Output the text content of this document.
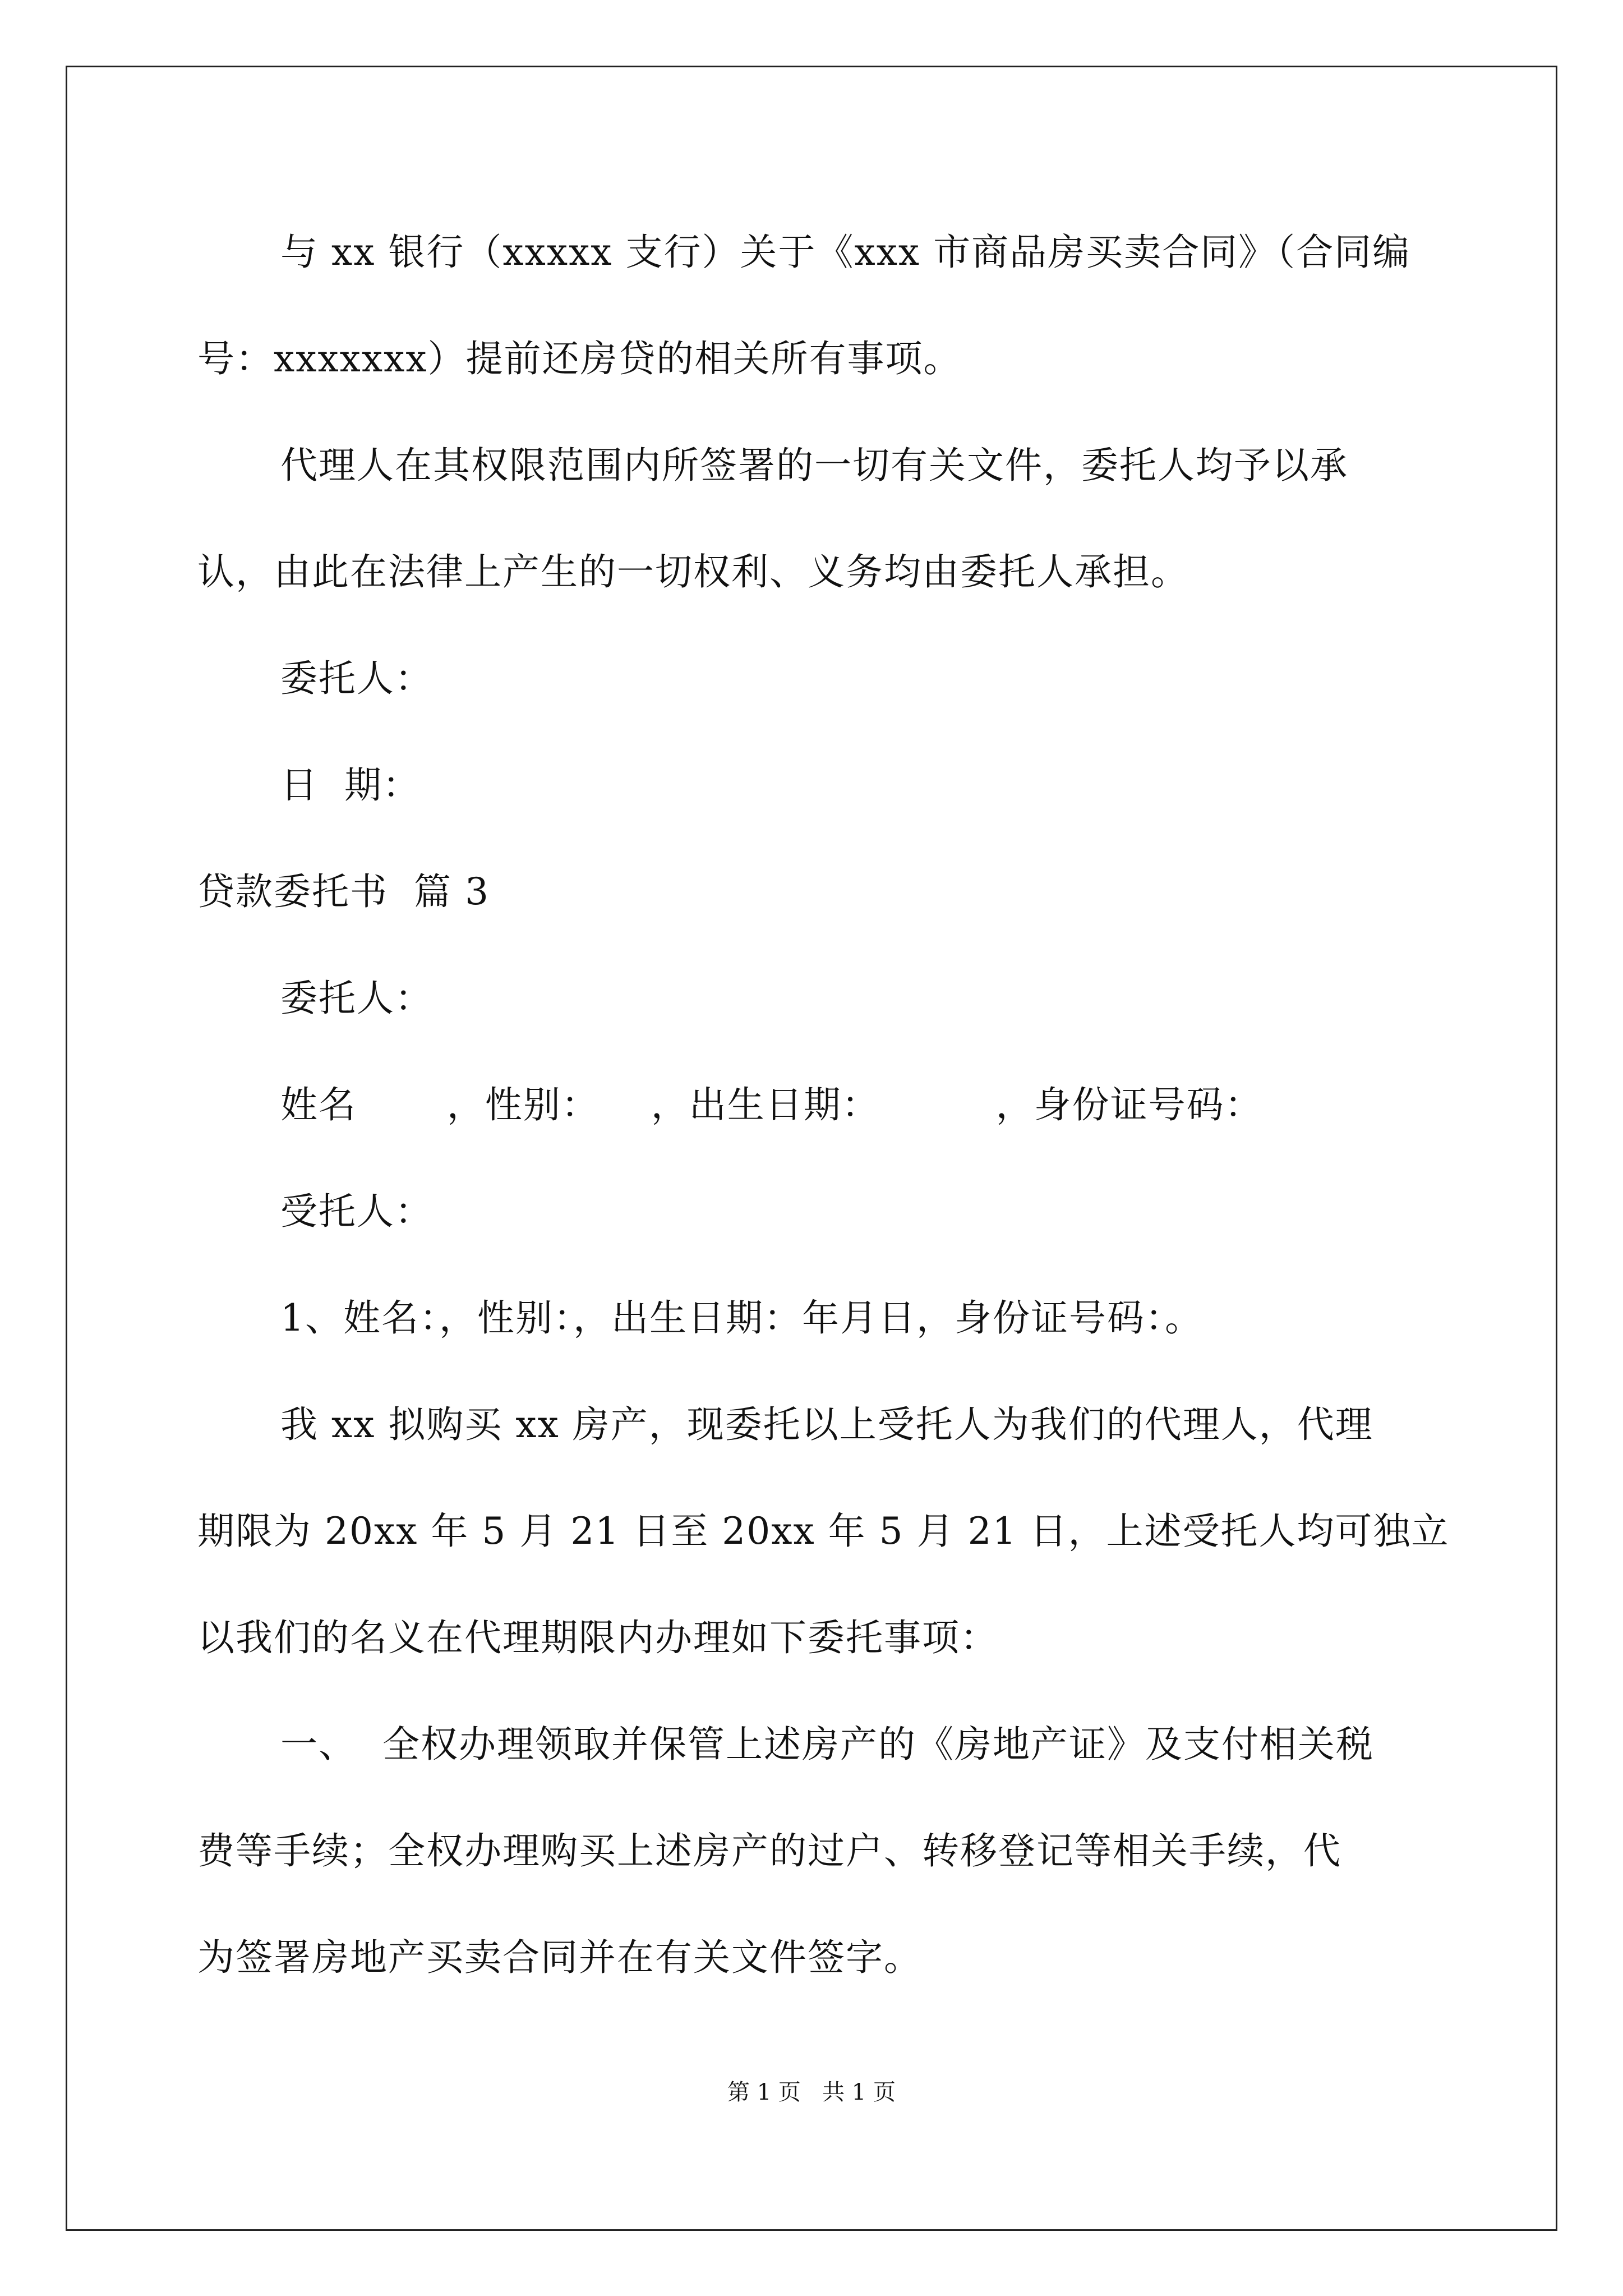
与 xx 银行（xxxxx 支行）关于《xxx 市商品房买卖合同》（合同编
号：xxxxxxx）提前还房贷的相关所有事项。
代理人在其权限范围内所签署的一切有关文件，委托人均予以承
认，由此在法律上产生的一切权利、义务均由委托人承担。
委托人：
日  期：
贷款委托书  篇 3
委托人：
姓名       ，性别：    ，出生日期：         ，身份证号码：
受托人：
1、姓名：，性别：，出生日期：年月日，身份证号码：。
我 xx 拟购买 xx 房产，现委托以上受托人为我们的代理人，代理
期限为 20xx 年 5 月 21 日至 20xx 年 5 月 21 日，上述受托人均可独立
以我们的名义在代理期限内办理如下委托事项：
一、  全权办理领取并保管上述房产的《房地产证》及支付相关税
费等手续；全权办理购买上述房产的过户、转移登记等相关手续，代
为签署房地产买卖合同并在有关文件签字。
第 1 页   共 1 页
